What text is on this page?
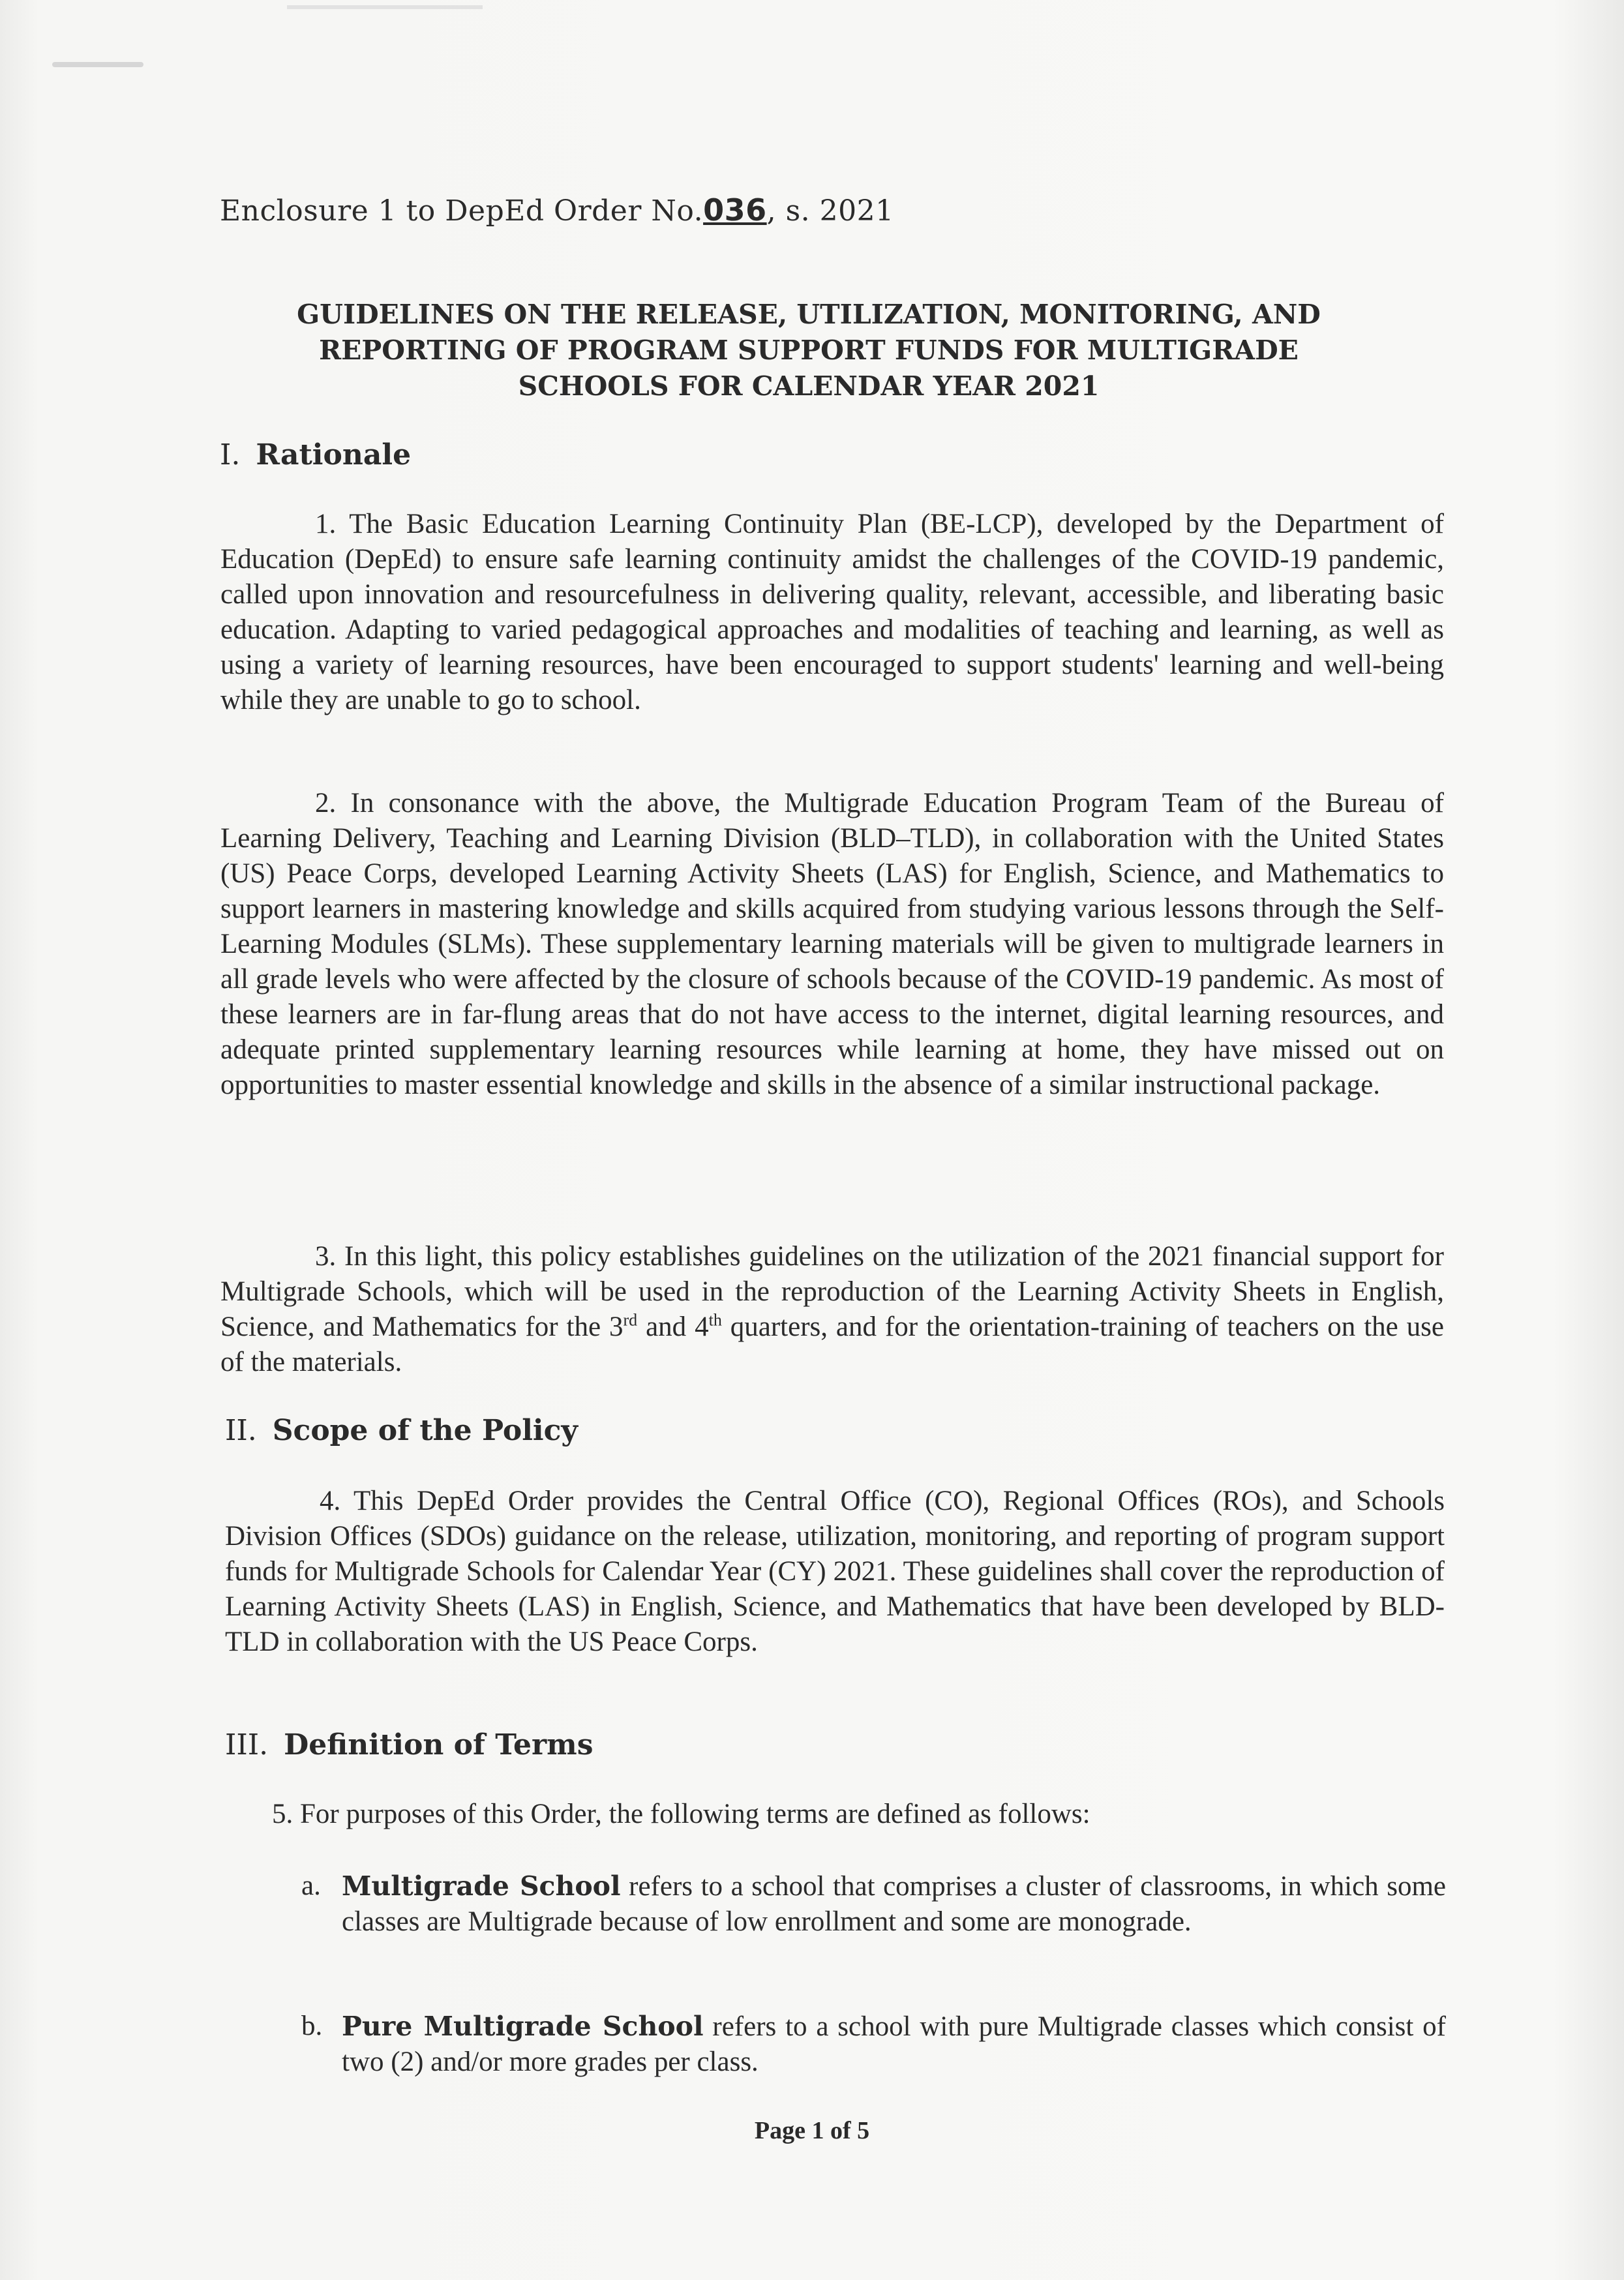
Enclosure 1 to DepEd Order No.036, s. 2021
GUIDELINES ON THE RELEASE, UTILIZATION, MONITORING, AND
REPORTING OF PROGRAM SUPPORT FUNDS FOR MULTIGRADE
SCHOOLS FOR CALENDAR YEAR 2021
I. Rationale

1. The Basic Education Learning Continuity Plan (BE-LCP), developed by the Department of Education (DepEd) to ensure safe learning continuity amidst the challenges of the COVID-19 pandemic, called upon innovation and resourcefulness in delivering quality, relevant, accessible, and liberating basic education. Adapting to varied pedagogical approaches and modalities of teaching and learning, as well as using a variety of learning resources, have been encouraged to support students' learning and well-being while they are unable to go to school.

2. In consonance with the above, the Multigrade Education Program Team of the Bureau of Learning Delivery, Teaching and Learning Division (BLD–TLD), in collaboration with the United States (US) Peace Corps, developed Learning Activity Sheets (LAS) for English, Science, and Mathematics to support learners in mastering knowledge and skills acquired from studying various lessons through the Self-Learning Modules (SLMs). These supplementary learning materials will be given to multigrade learners in all grade levels who were affected by the closure of schools because of the COVID-19 pandemic. As most of these learners are in far-flung areas that do not have access to the internet, digital learning resources, and adequate printed supplementary learning resources while learning at home, they have missed out on opportunities to master essential knowledge and skills in the absence of a similar instructional package.

3. In this light, this policy establishes guidelines on the utilization of the 2021 financial support for Multigrade Schools, which will be used in the reproduction of the Learning Activity Sheets in English, Science, and Mathematics for the 3rd and 4th quarters, and for the orientation-training of teachers on the use of the materials.

II. Scope of the Policy

4. This DepEd Order provides the Central Office (CO), Regional Offices (ROs), and Schools Division Offices (SDOs) guidance on the release, utilization, monitoring, and reporting of program support funds for Multigrade Schools for Calendar Year (CY) 2021. These guidelines shall cover the reproduction of Learning Activity Sheets (LAS) in English, Science, and Mathematics that have been developed by BLD-TLD in collaboration with the US Peace Corps.

III. Definition of Terms

5. For purposes of this Order, the following terms are defined as follows:

a. Multigrade School refers to a school that comprises a cluster of classrooms, in which some classes are Multigrade because of low enrollment and some are monograde.
b. Pure Multigrade School refers to a school with pure Multigrade classes which consist of two (2) and/or more grades per class.
Page 1 of 5
